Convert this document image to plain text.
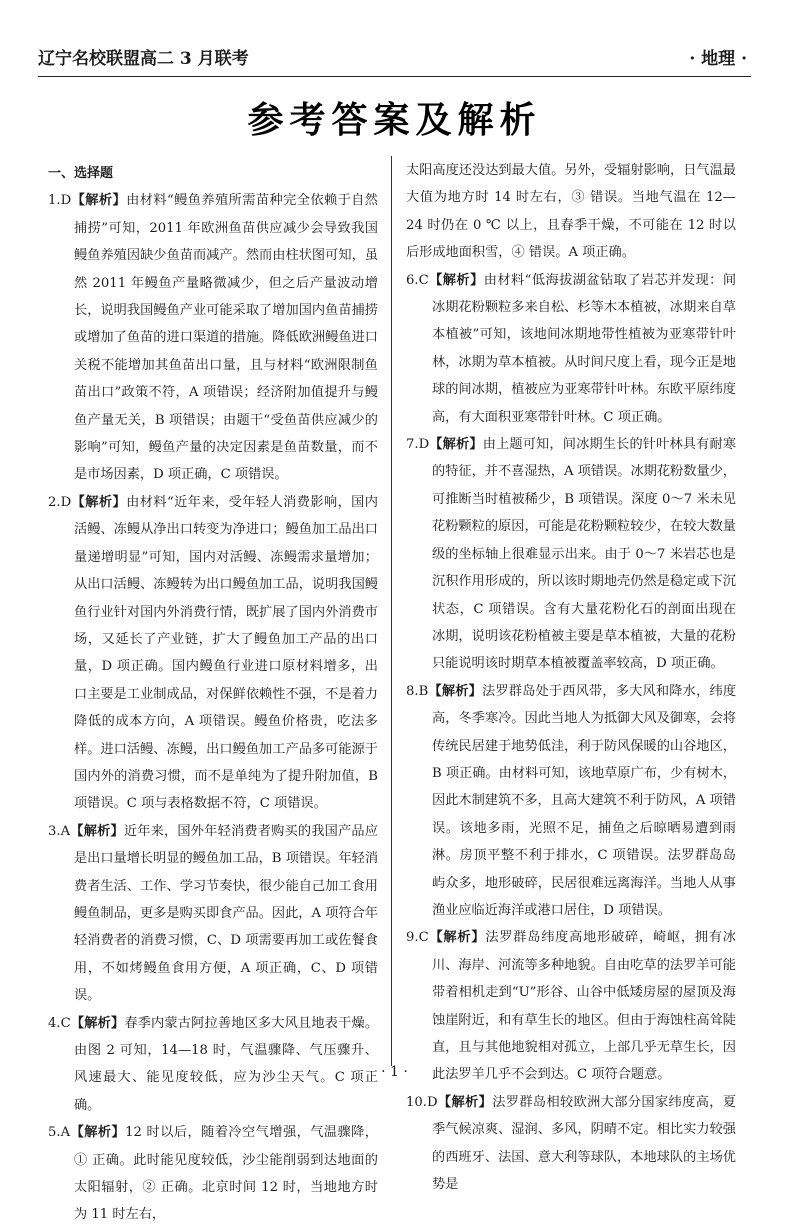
辽宁名校联盟高二 3 月联考	· 地理 ·
参考答案及解析
一、选择题
1.D【解析】由材料“鳗鱼养殖所需苗种完全依赖于自然捕捞”可知，2011 年欧洲鱼苗供应减少会导致我国鳗鱼养殖因缺少鱼苗而减产。然而由柱状图可知，虽然 2011 年鳗鱼产量略微减少，但之后产量波动增长，说明我国鳗鱼产业可能采取了增加国内鱼苗捕捞或增加了鱼苗的进口渠道的措施。降低欧洲鳗鱼进口关税不能增加其鱼苗出口量，且与材料“欧洲限制鱼苗出口”政策不符，A 项错误；经济附加值提升与鳗鱼产量无关，B 项错误；由题干“受鱼苗供应减少的影响”可知，鳗鱼产量的决定因素是鱼苗数量，而不是市场因素，D 项正确，C 项错误。
2.D【解析】由材料“近年来，受年轻人消费影响，国内活鳗、冻鳗从净出口转变为净进口；鳗鱼加工品出口量递增明显”可知，国内对活鳗、冻鳗需求量增加；从出口活鳗、冻鳗转为出口鳗鱼加工品，说明我国鳗鱼行业针对国内外消费行情，既扩展了国内外消费市场，又延长了产业链，扩大了鳗鱼加工产品的出口量，D 项正确。国内鳗鱼行业进口原材料增多，出口主要是工业制成品，对保鲜依赖性不强，不是着力降低的成本方向，A 项错误。鳗鱼价格贵，吃法多样。进口活鳗、冻鳗，出口鳗鱼加工产品多可能源于国内外的消费习惯，而不是单纯为了提升附加值，B 项错误。C 项与表格数据不符，C 项错误。
3.A【解析】近年来，国外年轻消费者购买的我国产品应是出口量增长明显的鳗鱼加工品，B 项错误。年轻消费者生活、工作、学习节奏快，很少能自己加工食用鳗鱼制品，更多是购买即食产品。因此，A 项符合年轻消费者的消费习惯，C、D 项需要再加工或佐餐食用，不如烤鳗鱼食用方便，A 项正确，C、D 项错误。
4.C【解析】春季内蒙古阿拉善地区多大风且地表干燥。由图 2 可知，14—18 时，气温骤降、气压骤升、风速最大、能见度较低，应为沙尘天气。C 项正确。
5.A【解析】12 时以后，随着冷空气增强，气温骤降，① 正确。此时能见度较低，沙尘能削弱到达地面的太阳辐射，② 正确。北京时间 12 时，当地地方时为 11 时左右，
太阳高度还没达到最大值。另外，受辐射影响，日气温最大值为地方时 14 时左右，③ 错误。当地气温在 12—24 时仍在 0 ℃ 以上，且春季干燥，不可能在 12 时以后形成地面积雪，④ 错误。A 项正确。
6.C【解析】由材料“低海拔湖盆钻取了岩芯并发现：间冰期花粉颗粒多来自松、杉等木本植被，冰期来自草本植被”可知，该地间冰期地带性植被为亚寒带针叶林，冰期为草本植被。从时间尺度上看，现今正是地球的间冰期，植被应为亚寒带针叶林。东欧平原纬度高，有大面积亚寒带针叶林。C 项正确。
7.D【解析】由上题可知，间冰期生长的针叶林具有耐寒的特征，并不喜湿热，A 项错误。冰期花粉数量少，可推断当时植被稀少，B 项错误。深度 0～7 米未见花粉颗粒的原因，可能是花粉颗粒较少，在较大数量级的坐标轴上很难显示出来。由于 0～7 米岩芯也是沉积作用形成的，所以该时期地壳仍然是稳定或下沉状态，C 项错误。含有大量花粉化石的剖面出现在冰期，说明该花粉植被主要是草本植被，大量的花粉只能说明该时期草本植被覆盖率较高，D 项正确。
8.B【解析】法罗群岛处于西风带，多大风和降水，纬度高，冬季寒冷。因此当地人为抵御大风及御寒，会将传统民居建于地势低洼，利于防风保暖的山谷地区，B 项正确。由材料可知，该地草原广布，少有树木，因此木制建筑不多，且高大建筑不利于防风，A 项错误。该地多雨，光照不足，捕鱼之后晾晒易遭到雨淋。房顶平整不利于排水，C 项错误。法罗群岛岛屿众多，地形破碎，民居很难远离海洋。当地人从事渔业应临近海洋或港口居住，D 项错误。
9.C【解析】法罗群岛纬度高地形破碎，崎岖，拥有冰川、海岸、河流等多种地貌。自由吃草的法罗羊可能带着相机走到“U”形谷、山谷中低矮房屋的屋顶及海蚀崖附近，和有草生长的地区。但由于海蚀柱高耸陡直，且与其他地貌相对孤立，上部几乎无草生长，因此法罗羊几乎不会到达。C 项符合题意。
10.D【解析】法罗群岛相较欧洲大部分国家纬度高，夏季气候凉爽、湿润、多风，阴晴不定。相比实力较强的西班牙、法国、意大利等球队，本地球队的主场优势是
· 1 ·
